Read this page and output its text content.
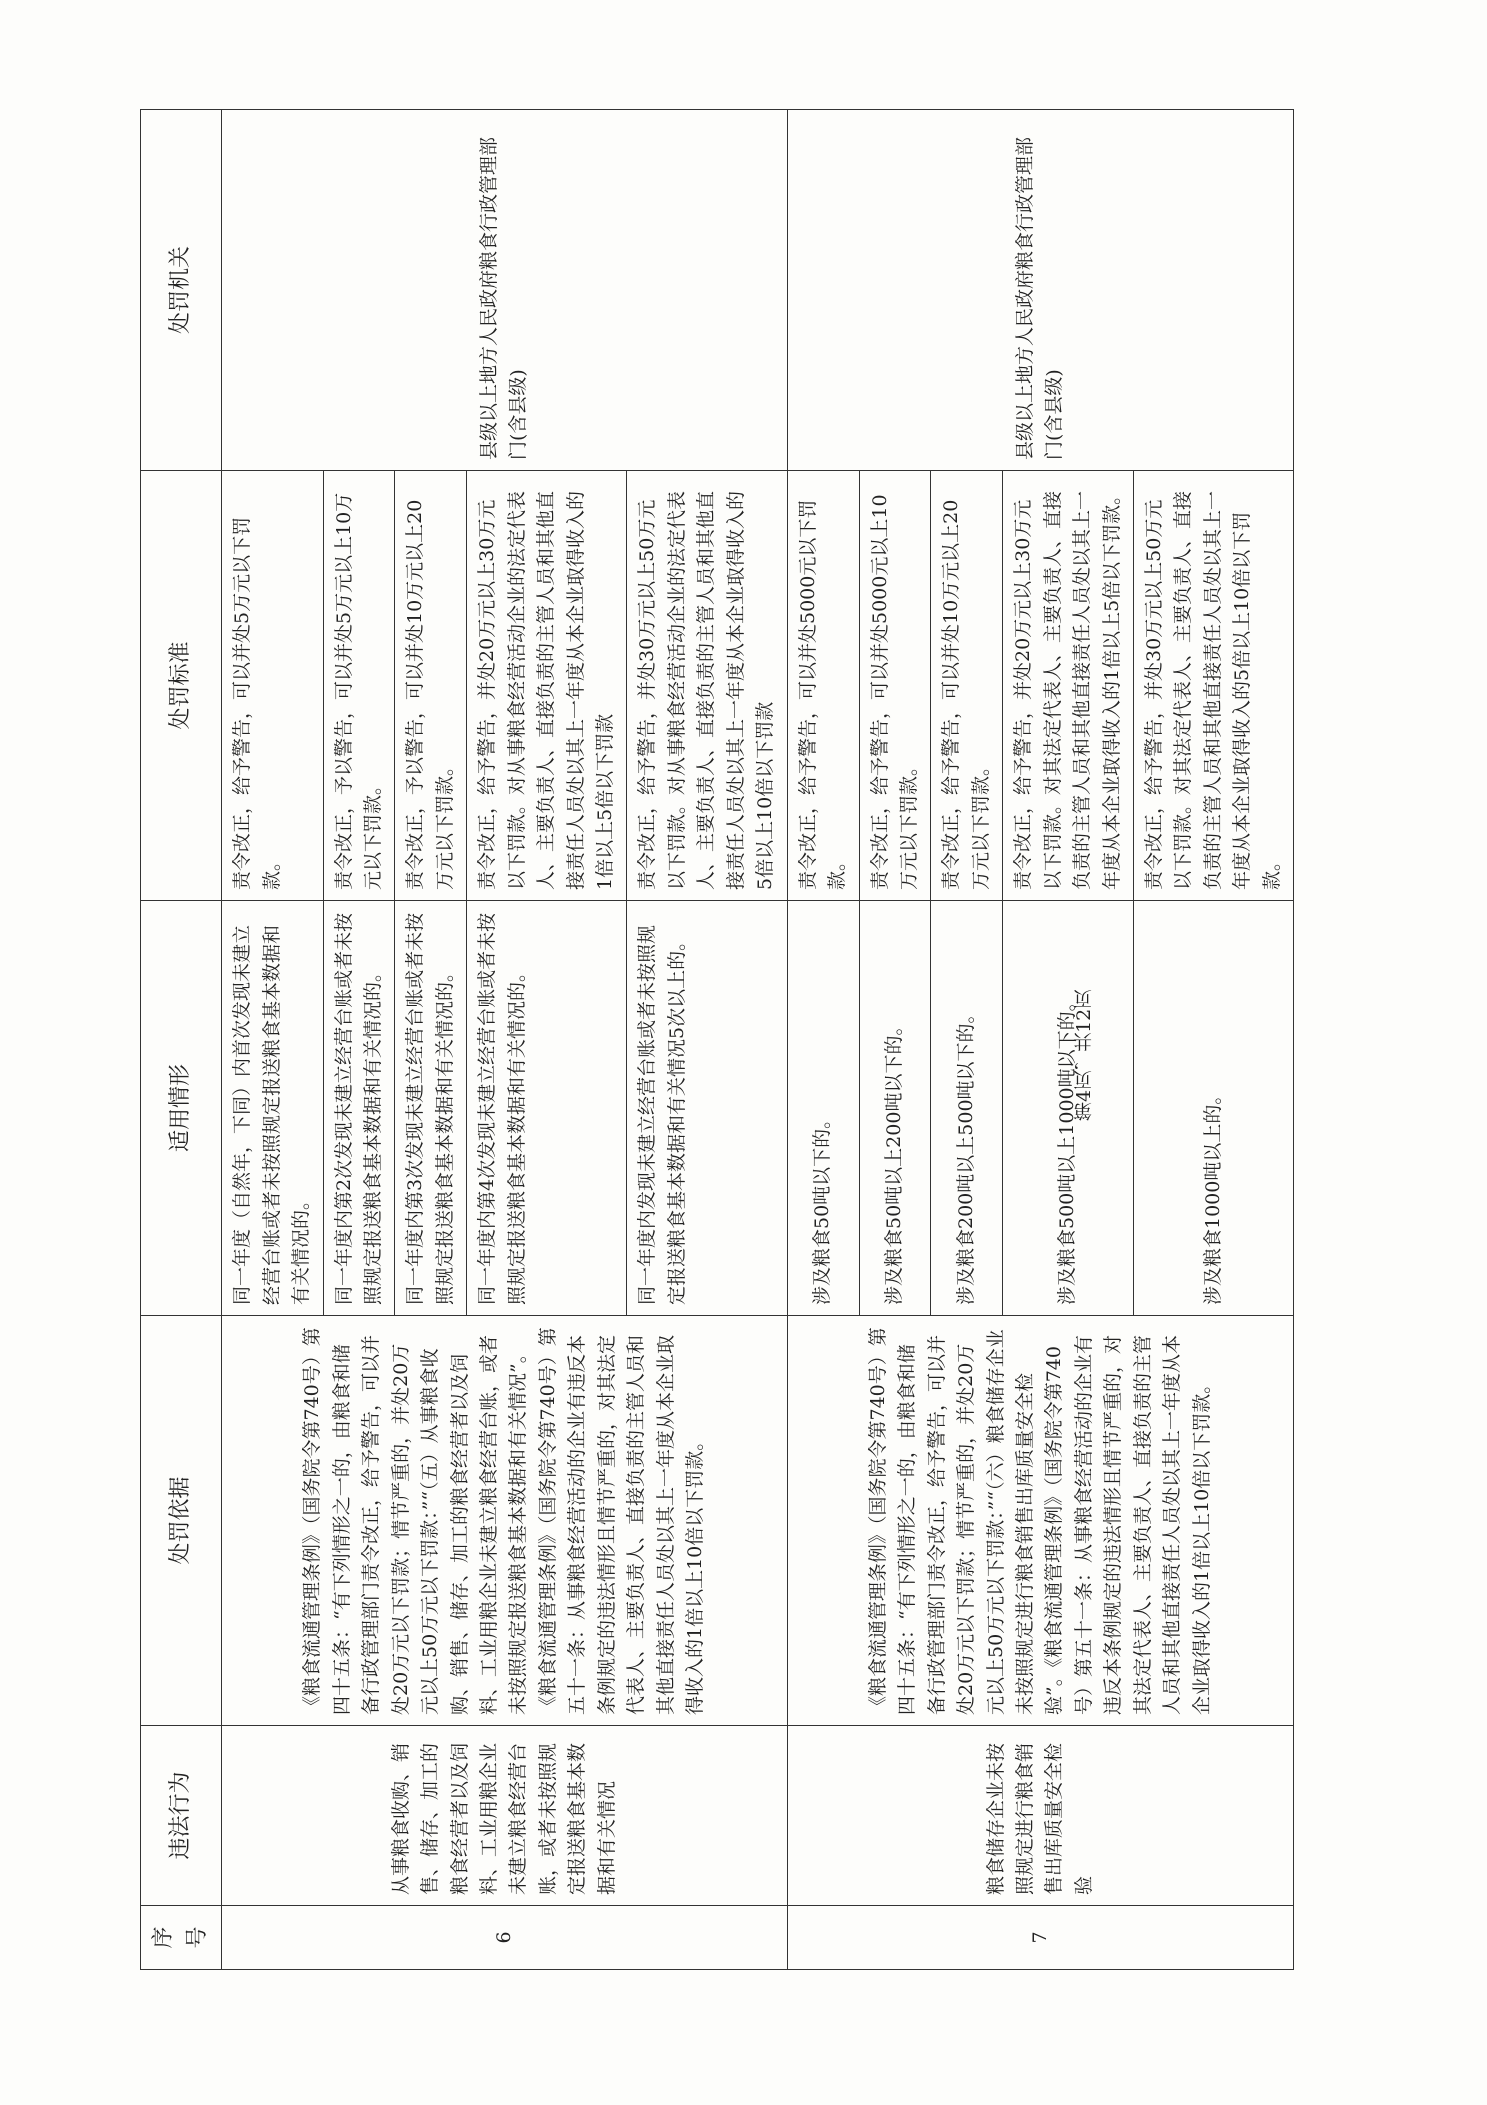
序号	违法行为	处罚依据	适用情形	处罚标准	处罚机关
6	从事粮食收购、销售、储存、加工的粮食经营者以及饲料、工业用粮企业未建立粮食经营台账，或者未按照规定报送粮食基本数据和有关情况	《粮食流通管理条例》（国务院令第740号）第四十五条：“有下列情形之一的，由粮食和储备行政管理部门责令改正，给予警告，可以并处20万元以下罚款；情节严重的，并处20万元以上50万元以下罚款：”“（五）从事粮食收购、销售、储存、加工的粮食经营者以及饲料、工业用粮企业未建立粮食经营台账，或者未按照规定报送粮食基本数据和有关情况”。《粮食流通管理条例》（国务院令第740号）第五十一条：从事粮食经营活动的企业有违反本条例规定的违法情形且情节严重的，对其法定代表人、主要负责人、直接负责的主管人员和其他直接责任人员处以其上一年度从本企业取得收入的1倍以上10倍以下罚款。	同一年度（自然年，下同）内首次发现未建立经营台账或者未按照规定报送粮食基本数据和有关情况的。	责令改正，给予警告，可以并处5万元以下罚款。	县级以上地方人民政府粮食行政管理部门(含县级)
			同一年度内第2次发现未建立经营台账或者未按照规定报送粮食基本数据和有关情况的。	责令改正，予以警告，可以并处5万元以上10万元以下罚款。	
			同一年度内第3次发现未建立经营台账或者未按照规定报送粮食基本数据和有关情况的。	责令改正，予以警告，可以并处10万元以上20万元以下罚款。	
			同一年度内第4次发现未建立经营台账或者未按照规定报送粮食基本数据和有关情况的。	责令改正，给予警告，并处20万元以上30万元以下罚款。对从事粮食经营活动企业的法定代表人、主要负责人、直接负责的主管人员和其他直接责任人员处以其上一年度从本企业取得收入的1倍以上5倍以下罚款	
			同一年度内发现未建立经营台账或者未按照规定报送粮食基本数据和有关情况5次以上的。	责令改正，给予警告，并处30万元以上50万元以下罚款。对从事粮食经营活动企业的法定代表人、主要负责人、直接负责的主管人员和其他直接责任人员处以其上一年度从本企业取得收入的5倍以上10倍以下罚款	
7	粮食储存企业未按照规定进行粮食销售出库质量安全检验	《粮食流通管理条例》（国务院令第740号）第四十五条：“有下列情形之一的，由粮食和储备行政管理部门责令改正，给予警告，可以并处20万元以下罚款；情节严重的，并处20万元以上50万元以下罚款：”“（六）粮食储存企业未按照规定进行粮食销售出库质量安全检验”。《粮食流通管理条例》（国务院令第740号）第五十一条：从事粮食经营活动的企业有违反本条例规定的违法情形且情节严重的，对其法定代表人、主要负责人、直接负责的主管人员和其他直接责任人员处以其上一年度从本企业取得收入的1倍以上10倍以下罚款。	涉及粮食50吨以下的。	责令改正，给予警告，可以并处5000元以下罚款。	县级以上地方人民政府粮食行政管理部门(含县级)
			涉及粮食50吨以上200吨以下的。	责令改正，给予警告，可以并处5000元以上10万元以下罚款。	
			涉及粮食200吨以上500吨以下的。	责令改正，给予警告，可以并处10万元以上20万元以下罚款。	
			涉及粮食500吨以上1000吨以下的。	责令改正，给予警告，并处20万元以上30万元以下罚款。对其法定代表人、主要负责人、直接负责的主管人员和其他直接责任人员处以其上一年度从本企业取得收入的1倍以上5倍以下罚款。	
			涉及粮食1000吨以上的。	责令改正，给予警告，并处30万元以上50万元以下罚款。对其法定代表人、主要负责人、直接负责的主管人员和其他直接责任人员处以其上一年度从本企业取得收入的5倍以上10倍以下罚款。	
第4页，共12页
